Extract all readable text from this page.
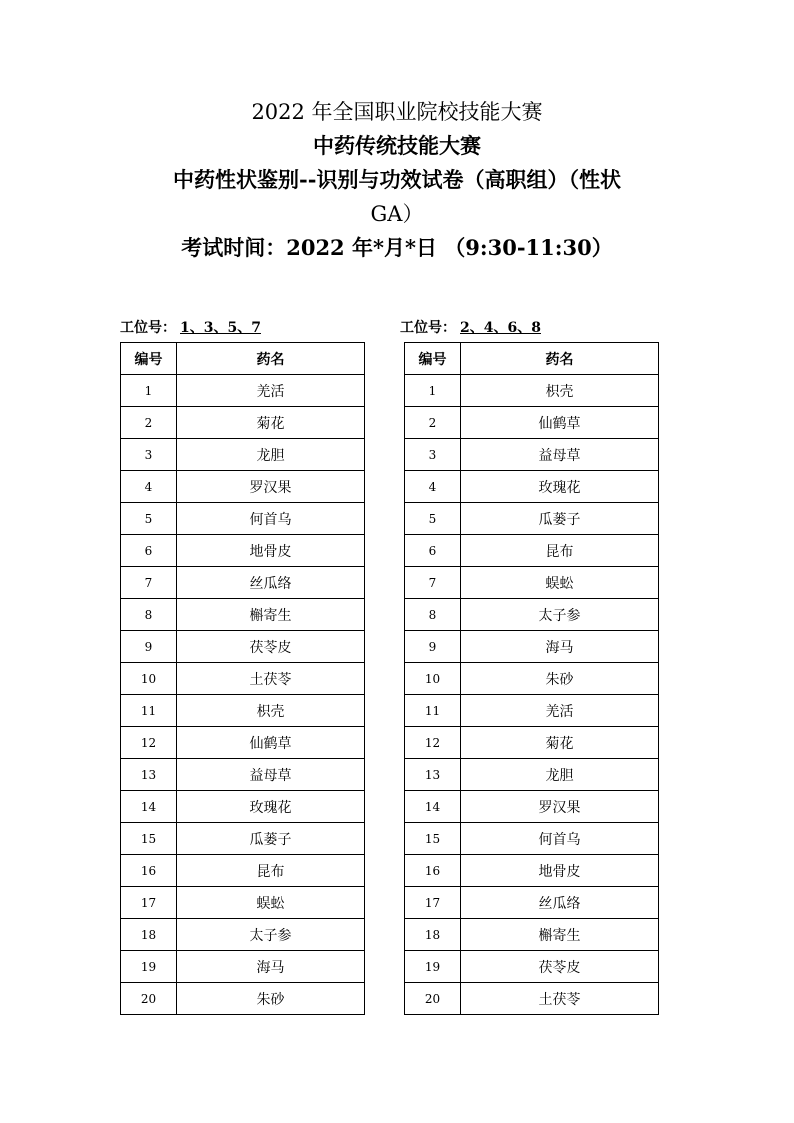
2022 年全国职业院校技能大赛
中药传统技能大赛
中药性状鉴别--识别与功效试卷（高职组）（性状
GA）
考试时间：2022 年*月*日 （9:30-11:30）
工位号： 1、3、5、7	工位号： 2、4、6、8
编号	药名
1	羌活
2	菊花
3	龙胆
4	罗汉果
5	何首乌
6	地骨皮
7	丝瓜络
8	槲寄生
9	茯苓皮
10	土茯苓
11	枳壳
12	仙鹤草
13	益母草
14	玫瑰花
15	瓜蒌子
16	昆布
17	蜈蚣
18	太子参
19	海马
20	朱砂
编号	药名
1	枳壳
2	仙鹤草
3	益母草
4	玫瑰花
5	瓜蒌子
6	昆布
7	蜈蚣
8	太子参
9	海马
10	朱砂
11	羌活
12	菊花
13	龙胆
14	罗汉果
15	何首乌
16	地骨皮
17	丝瓜络
18	槲寄生
19	茯苓皮
20	土茯苓
